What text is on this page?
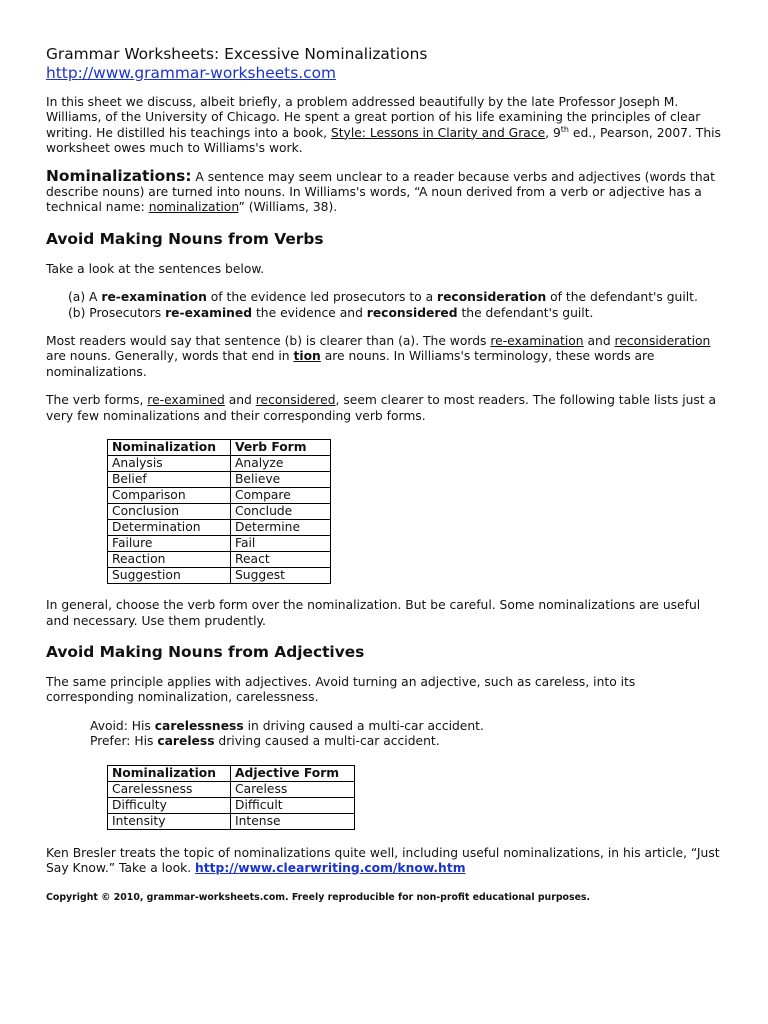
Grammar Worksheets: Excessive Nominalizations
http://www.grammar-worksheets.com

In this sheet we discuss, albeit briefly, a problem addressed beautifully by the late Professor Joseph M. Williams, of the University of Chicago. He spent a great portion of his life examining the principles of clear writing. He distilled his teachings into a book, Style: Lessons in Clarity and Grace, 9th ed., Pearson, 2007. This worksheet owes much to Williams's work.

Nominalizations: A sentence may seem unclear to a reader because verbs and adjectives (words that describe nouns) are turned into nouns. In Williams's words, “A noun derived from a verb or adjective has a technical name: nominalization” (Williams, 38).

Avoid Making Nouns from Verbs

Take a look at the sentences below.

(a) A re-examination of the evidence led prosecutors to a reconsideration of the defendant's guilt.
(b) Prosecutors re-examined the evidence and reconsidered the defendant's guilt.

Most readers would say that sentence (b) is clearer than (a). The words re-examination and reconsideration are nouns. Generally, words that end in tion are nouns. In Williams's terminology, these words are nominalizations.

The verb forms, re-examined and reconsidered, seem clearer to most readers. The following table lists just a very few nominalizations and their corresponding verb forms.

Nominalization	Verb Form
Analysis	Analyze
Belief	Believe
Comparison	Compare
Conclusion	Conclude
Determination	Determine
Failure	Fail
Reaction	React
Suggestion	Suggest

In general, choose the verb form over the nominalization. But be careful. Some nominalizations are useful and necessary. Use them prudently.

Avoid Making Nouns from Adjectives

The same principle applies with adjectives. Avoid turning an adjective, such as careless, into its corresponding nominalization, carelessness.

Avoid: His carelessness in driving caused a multi-car accident.
Prefer: His careless driving caused a multi-car accident.
Nominalization	Adjective Form
Carelessness	Careless
Difficulty	Difficult
Intensity	Intense

Ken Bresler treats the topic of nominalizations quite well, including useful nominalizations, in his article, “Just Say Know.” Take a look. http://www.clearwriting.com/know.htm

Copyright © 2010, grammar-worksheets.com. Freely reproducible for non-profit educational purposes.
